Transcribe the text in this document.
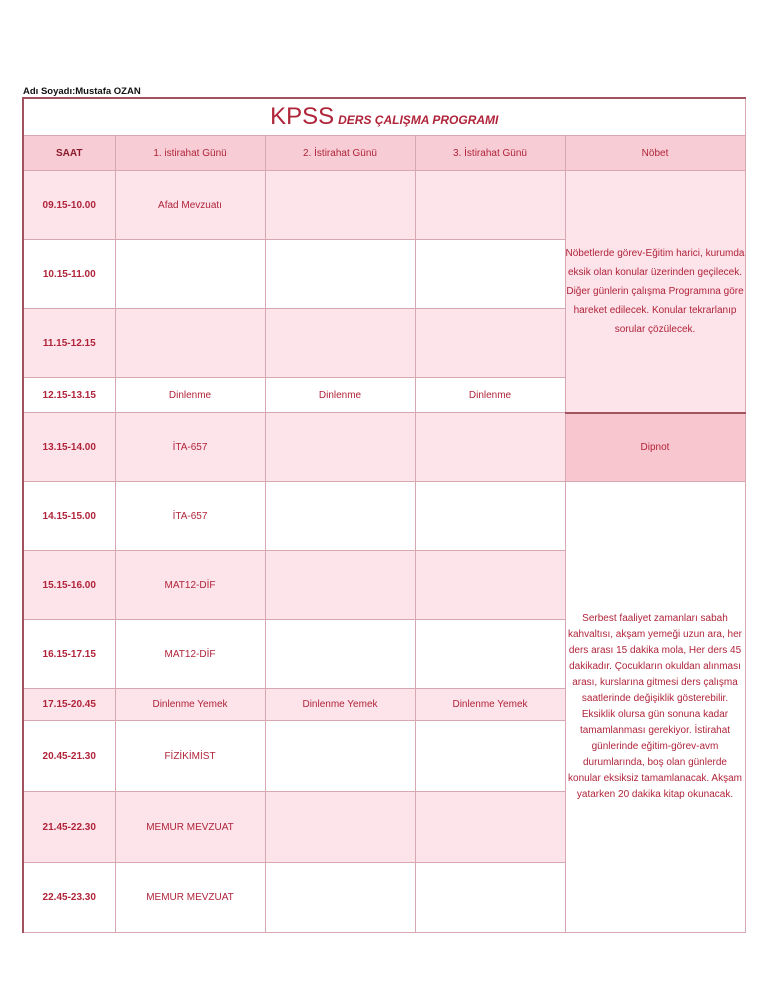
Adı Soyadı:Mustafa OZAN
KPSS DERS ÇALIŞMA PROGRAMI				
SAAT	1. istirahat Günü	2. İstirahat Günü	3. İstirahat Günü	Nöbet
09.15-10.00	Afad Mevzuatı			Nöbetlerde görev-Eğitim harici, kurumda eksik olan konular üzerinden geçilecek. Diğer günlerin çalışma Programına göre hareket edilecek. Konular tekrarlanıp sorular çözülecek.
10.15-11.00				
11.15-12.15				
12.15-13.15	Dinlenme	Dinlenme	Dinlenme	
13.15-14.00	İTA-657			Dipnot
14.15-15.00	İTA-657			Serbest faaliyet zamanları sabah kahvaltısı, akşam yemeği uzun ara, her ders arası 15 dakika mola, Her ders 45 dakikadır. Çocukların okuldan alınması arası, kurslarına gitmesi ders çalışma saatlerinde değişiklik gösterebilir. Eksiklik olursa gün sonuna kadar tamamlanması gerekiyor. İstirahat günlerinde eğitim-görev-avm durumlarında, boş olan günlerde konular eksiksiz tamamlanacak. Akşam yatarken 20 dakika kitap okunacak.
15.15-16.00	MAT12-DİF			
16.15-17.15	MAT12-DİF			
17.15-20.45	Dinlenme Yemek	Dinlenme Yemek	Dinlenme Yemek	
20.45-21.30	FİZİKİMİST			
21.45-22.30	MEMUR MEVZUAT			
22.45-23.30	MEMUR MEVZUAT			
